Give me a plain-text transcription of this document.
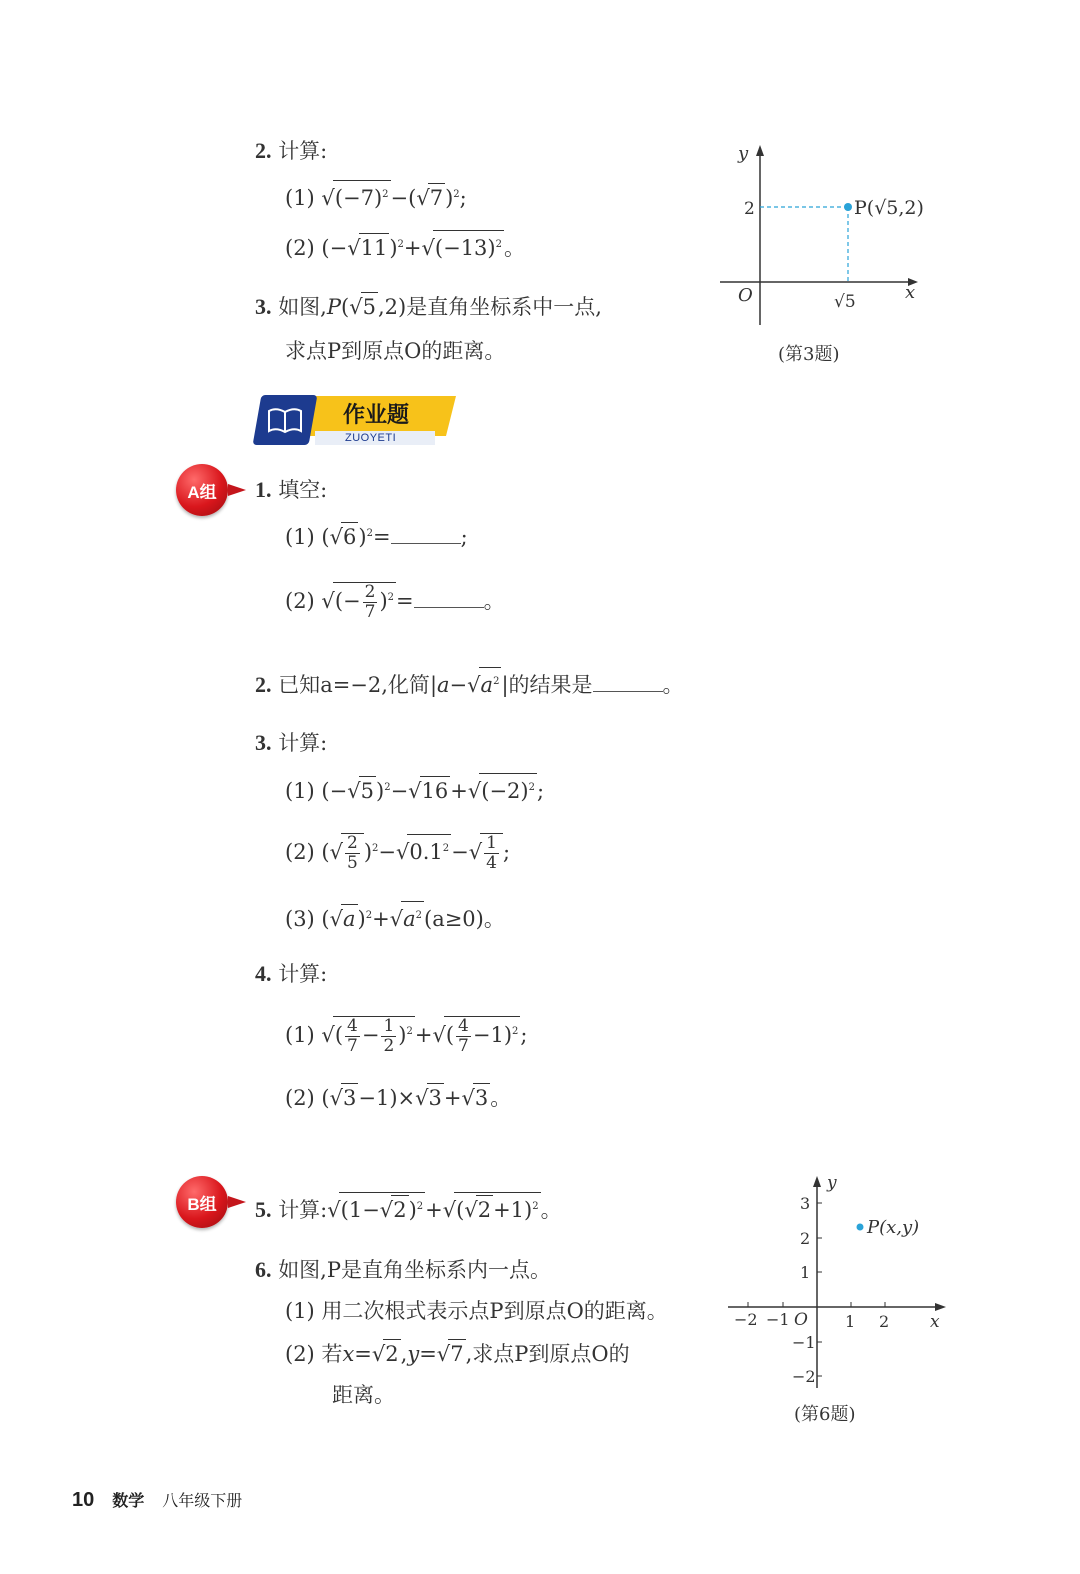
2. 计算:
(1) $√(-7)^2-(√7)^2$;
(2) $(-√11)^2+√(-13)^2$。
3. 如图,P(√5,2)是直角坐标系中一点,
求点P到原点O的距离。
y
x
O
2
√5
P(√5,2)
(第3题)
作业题
ZUOYETI
A组	1. 填空:
(1) $(√6)^2=$	;
(2) √(− $\frac{2}{7} )^2=$	。
2. 已知a=−2,化简$|a-√a^2|$的结果是	。
3. 计算:
(1) $(-√5)^2-√16+√(-2)^2$;
(2) (√ $\frac{2}{5} )^2-√0.1^2-√ \frac{1}{4}$ ;
(3) $(√a)^2+√a^2(a\ge 0)$。
4. 计算:
(1) √( $\frac{4}{7} - \frac{1}{2} )^2+√( \frac{4}{7} -1)^2$;
(2) (√3−1)×√3+√3。
B组	5. 计算$:√(1-√2)^2+√(√2+1)^2$。
6. 如图,P是直角坐标系内一点。
(1) 用二次根式表示点P到原点O的距离。
(2) 若x=√2,y=√7,求点P到原点O的
距离。
y
x
O
−2 −1	1 2
3
2
1
−1
−2
P(x,y)
(第6题)
10 数学 八年级下册
